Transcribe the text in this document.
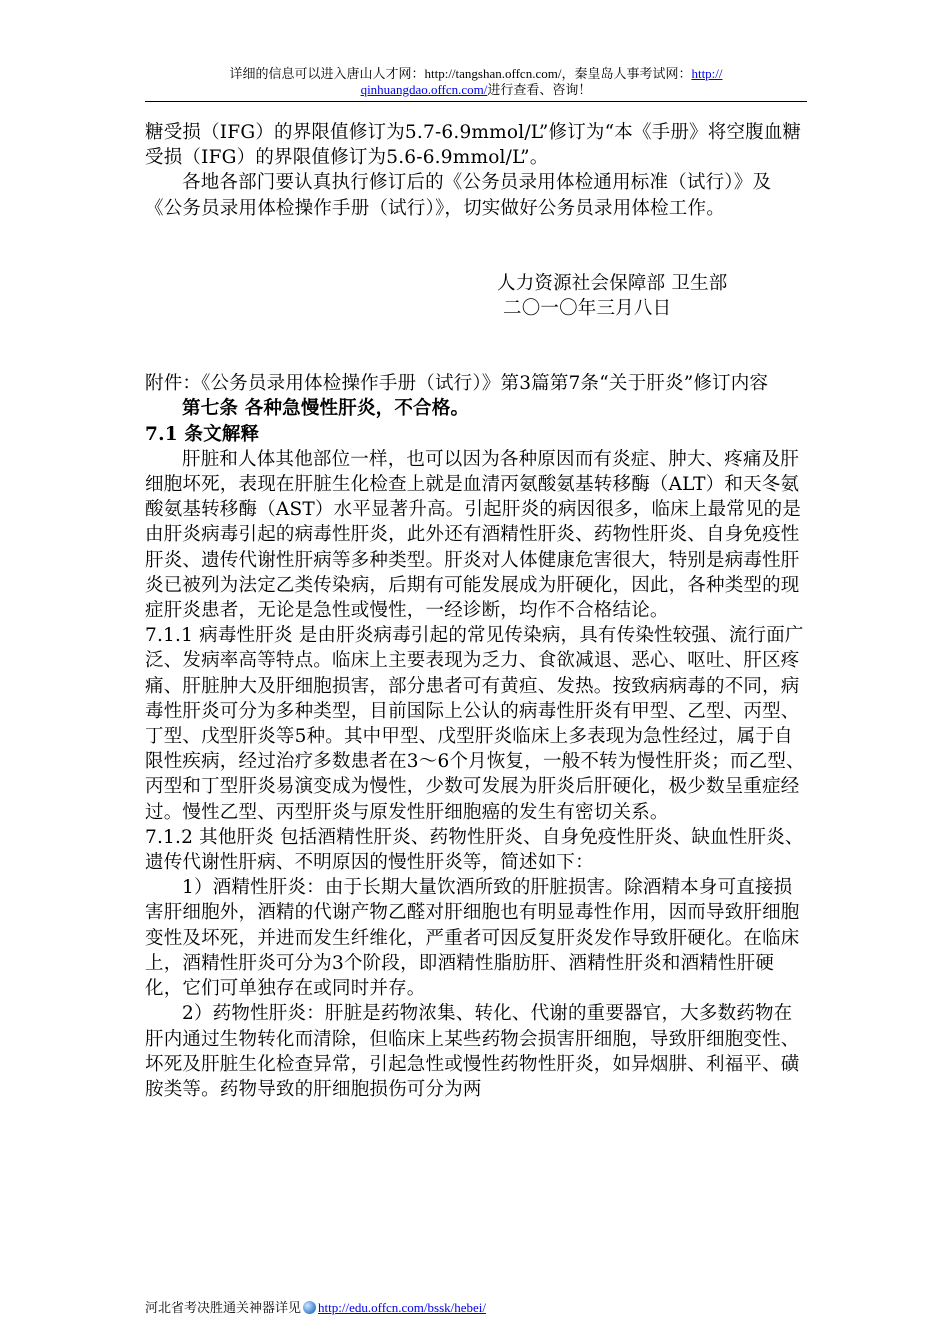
详细的信息可以进入唐山人才网：http://tangshan.offcn.com/，秦皇岛人事考试网：http://
qinhuangdao.offcn.com/进行查看、咨询！

糖受损（IFG）的界限值修订为5.7-6.9mmol/L”修订为“本《手册》将空腹血糖受损（IFG）的界限值修订为5.6-6.9mmol/L”。

各地各部门要认真执行修订后的《公务员录用体检通用标准（试行）》及《公务员录用体检操作手册（试行）》，切实做好公务员录用体检工作。

人力资源社会保障部 卫生部

二〇一〇年三月八日

附件：《公务员录用体检操作手册（试行）》第3篇第7条“关于肝炎”修订内容

第七条 各种急慢性肝炎，不合格。

7.1 条文解释

肝脏和人体其他部位一样，也可以因为各种原因而有炎症、肿大、疼痛及肝细胞坏死，表现在肝脏生化检查上就是血清丙氨酸氨基转移酶（ALT）和天冬氨酸氨基转移酶（AST）水平显著升高。引起肝炎的病因很多，临床上最常见的是由肝炎病毒引起的病毒性肝炎，此外还有酒精性肝炎、药物性肝炎、自身免疫性肝炎、遗传代谢性肝病等多种类型。肝炎对人体健康危害很大，特别是病毒性肝炎已被列为法定乙类传染病，后期有可能发展成为肝硬化，因此，各种类型的现症肝炎患者，无论是急性或慢性，一经诊断，均作不合格结论。

7.1.1 病毒性肝炎 是由肝炎病毒引起的常见传染病，具有传染性较强、流行面广泛、发病率高等特点。临床上主要表现为乏力、食欲减退、恶心、呕吐、肝区疼痛、肝脏肿大及肝细胞损害，部分患者可有黄疸、发热。按致病病毒的不同，病毒性肝炎可分为多种类型，目前国际上公认的病毒性肝炎有甲型、乙型、丙型、丁型、戊型肝炎等5种。其中甲型、戊型肝炎临床上多表现为急性经过，属于自限性疾病，经过治疗多数患者在3～6个月恢复，一般不转为慢性肝炎；而乙型、丙型和丁型肝炎易演变成为慢性，少数可发展为肝炎后肝硬化，极少数呈重症经过。慢性乙型、丙型肝炎与原发性肝细胞癌的发生有密切关系。

7.1.2 其他肝炎 包括酒精性肝炎、药物性肝炎、自身免疫性肝炎、缺血性肝炎、遗传代谢性肝病、不明原因的慢性肝炎等，简述如下：

1）酒精性肝炎：由于长期大量饮酒所致的肝脏损害。除酒精本身可直接损害肝细胞外，酒精的代谢产物乙醛对肝细胞也有明显毒性作用，因而导致肝细胞变性及坏死，并进而发生纤维化，严重者可因反复肝炎发作导致肝硬化。在临床上，酒精性肝炎可分为3个阶段，即酒精性脂肪肝、酒精性肝炎和酒精性肝硬化，它们可单独存在或同时并存。

2）药物性肝炎：肝脏是药物浓集、转化、代谢的重要器官，大多数药物在肝内通过生物转化而清除，但临床上某些药物会损害肝细胞，导致肝细胞变性、坏死及肝脏生化检查异常，引起急性或慢性药物性肝炎，如异烟肼、利福平、磺胺类等。药物导致的肝细胞损伤可分为两

河北省考决胜通关神器详见 http://edu.offcn.com/bssk/hebei/
